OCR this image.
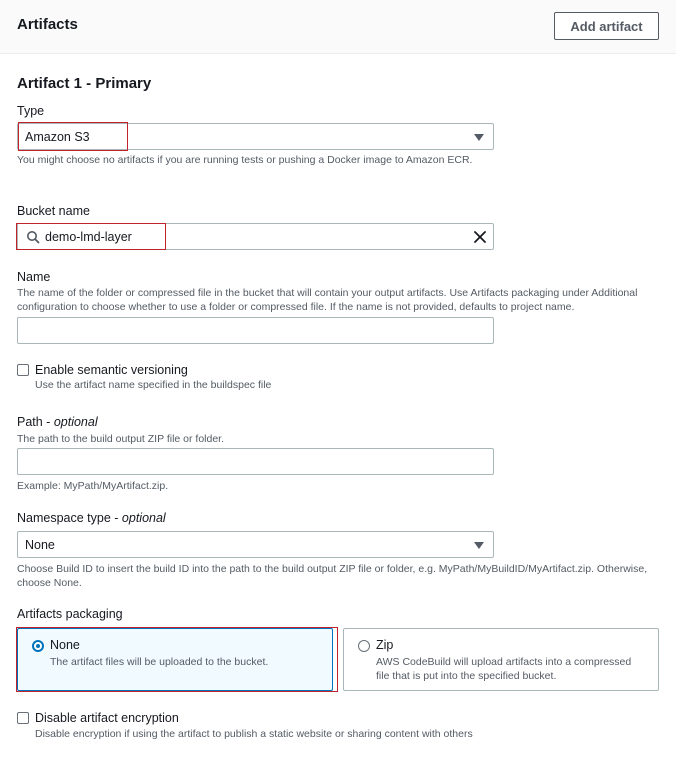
Artifacts	Add artifact
Artifact 1 - Primary
Type
Amazon S3
You might choose no artifacts if you are running tests or pushing a Docker image to Amazon ECR.
Bucket name
demo-lmd-layer
Name
The name of the folder or compressed file in the bucket that will contain your output artifacts. Use Artifacts packaging under Additional
configuration to choose whether to use a folder or compressed file. If the name is not provided, defaults to project name.
Enable semantic versioning
Use the artifact name specified in the buildspec file
Path - optional
The path to the build output ZIP file or folder.
Example: MyPath/MyArtifact.zip.
Namespace type - optional
None
Choose Build ID to insert the build ID into the path to the build output ZIP file or folder, e.g. MyPath/MyBuildID/MyArtifact.zip. Otherwise,
choose None.
Artifacts packaging
None
The artifact files will be uploaded to the bucket.
Zip
AWS CodeBuild will upload artifacts into a compressed
file that is put into the specified bucket.
Disable artifact encryption
Disable encryption if using the artifact to publish a static website or sharing content with others
